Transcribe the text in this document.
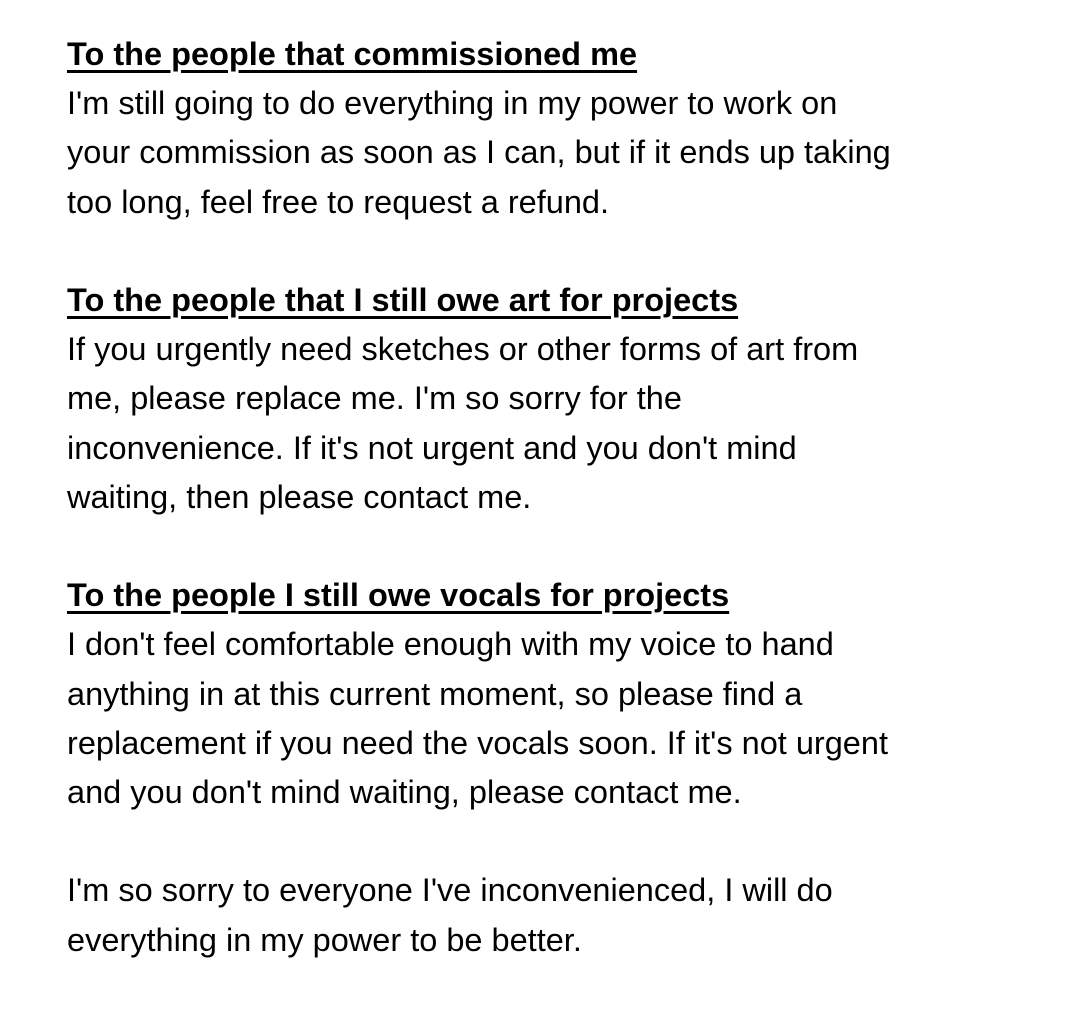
To the people that commissioned me
I'm still going to do everything in my power to work on
your commission as soon as I can, but if it ends up taking
too long, feel free to request a refund.
To the people that I still owe art for projects
If you urgently need sketches or other forms of art from
me, please replace me. I'm so sorry for the
inconvenience. If it's not urgent and you don't mind
waiting, then please contact me.
To the people I still owe vocals for projects
I don't feel comfortable enough with my voice to hand
anything in at this current moment, so please find a
replacement if you need the vocals soon. If it's not urgent
and you don't mind waiting, please contact me.
I'm so sorry to everyone I've inconvenienced, I will do
everything in my power to be better.
